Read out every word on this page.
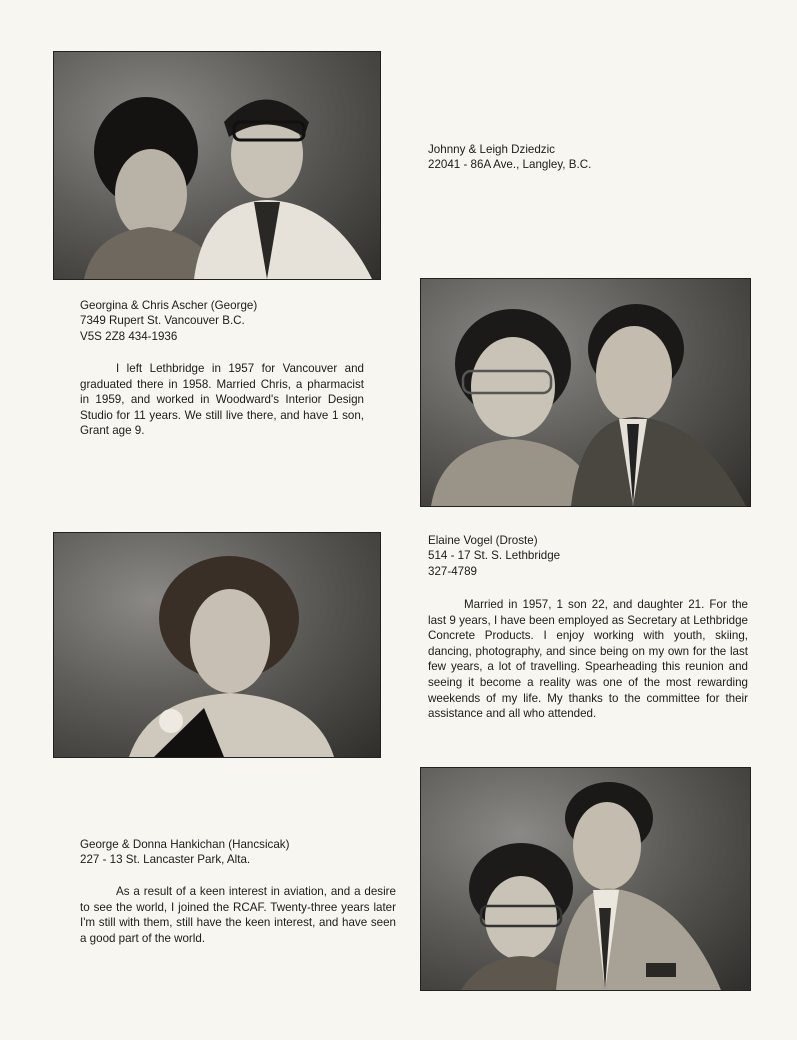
Johnny & Leigh Dziedzic
22041 - 86A Ave., Langley, B.C.
Georgina & Chris Ascher (George)
7349 Rupert St. Vancouver B.C.
V5S 2Z8 434-1936
I left Lethbridge in 1957 for Vancouver and graduated there in 1958. Married Chris, a pharmacist in 1959, and worked in Woodward's Interior Design Studio for 11 years. We still live there, and have 1 son, Grant age 9.
Elaine Vogel (Droste)
514 - 17 St. S. Lethbridge
327-4789
Married in 1957, 1 son 22, and daughter 21. For the last 9 years, I have been employed as Secretary at Lethbridge Concrete Products. I enjoy working with youth, skiing, dancing, photography, and since being on my own for the last few years, a lot of travelling. Spearheading this reunion and seeing it become a reality was one of the most rewarding weekends of my life. My thanks to the committee for their assistance and all who attended.
George & Donna Hankichan (Hancsicak)
227 - 13 St. Lancaster Park, Alta.
As a result of a keen interest in aviation, and a desire to see the world, I joined the RCAF. Twenty-three years later I'm still with them, still have the keen interest, and have seen a good part of the world.
